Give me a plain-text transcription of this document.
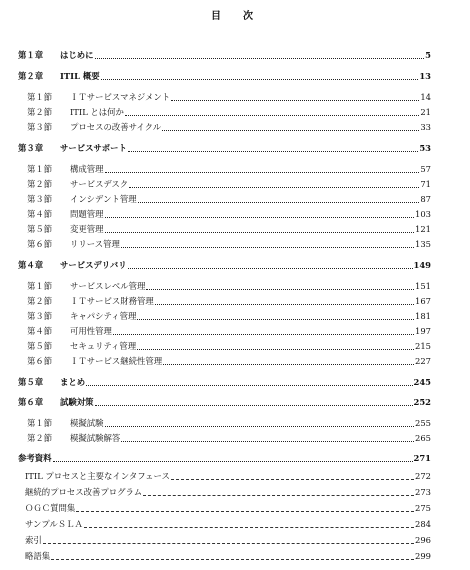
目　次
第１章	はじめに	5
第２章	ITIL 概要	13
第１節	ＩＴサービスマネジメント	14
第２節	ITIL とは何か	21
第３節	プロセスの改善サイクル	33
第３章	サービスサポート	53
第１節	構成管理	57
第２節	サービスデスク	71
第３節	インシデント管理	87
第４節	問題管理	103
第５節	変更管理	121
第６節	リリース管理	135
第４章	サービスデリバリ	149
第１節	サービスレベル管理	151
第２節	ＩＴサービス財務管理	167
第３節	キャパシティ管理	181
第４節	可用性管理	197
第５節	セキュリティ管理	215
第６節	ＩＴサービス継続性管理	227
第５章	まとめ	245
第６章	試験対策	252
第１節	模擬試験	255
第２節	模擬試験解答	265
参考資料	271
ITIL プロセスと主要なインタフェース	272
継続的プロセス改善プログラム	273
ＯＧＣ質問集	275
サンプルＳＬＡ	284
索引	296
略語集	299
